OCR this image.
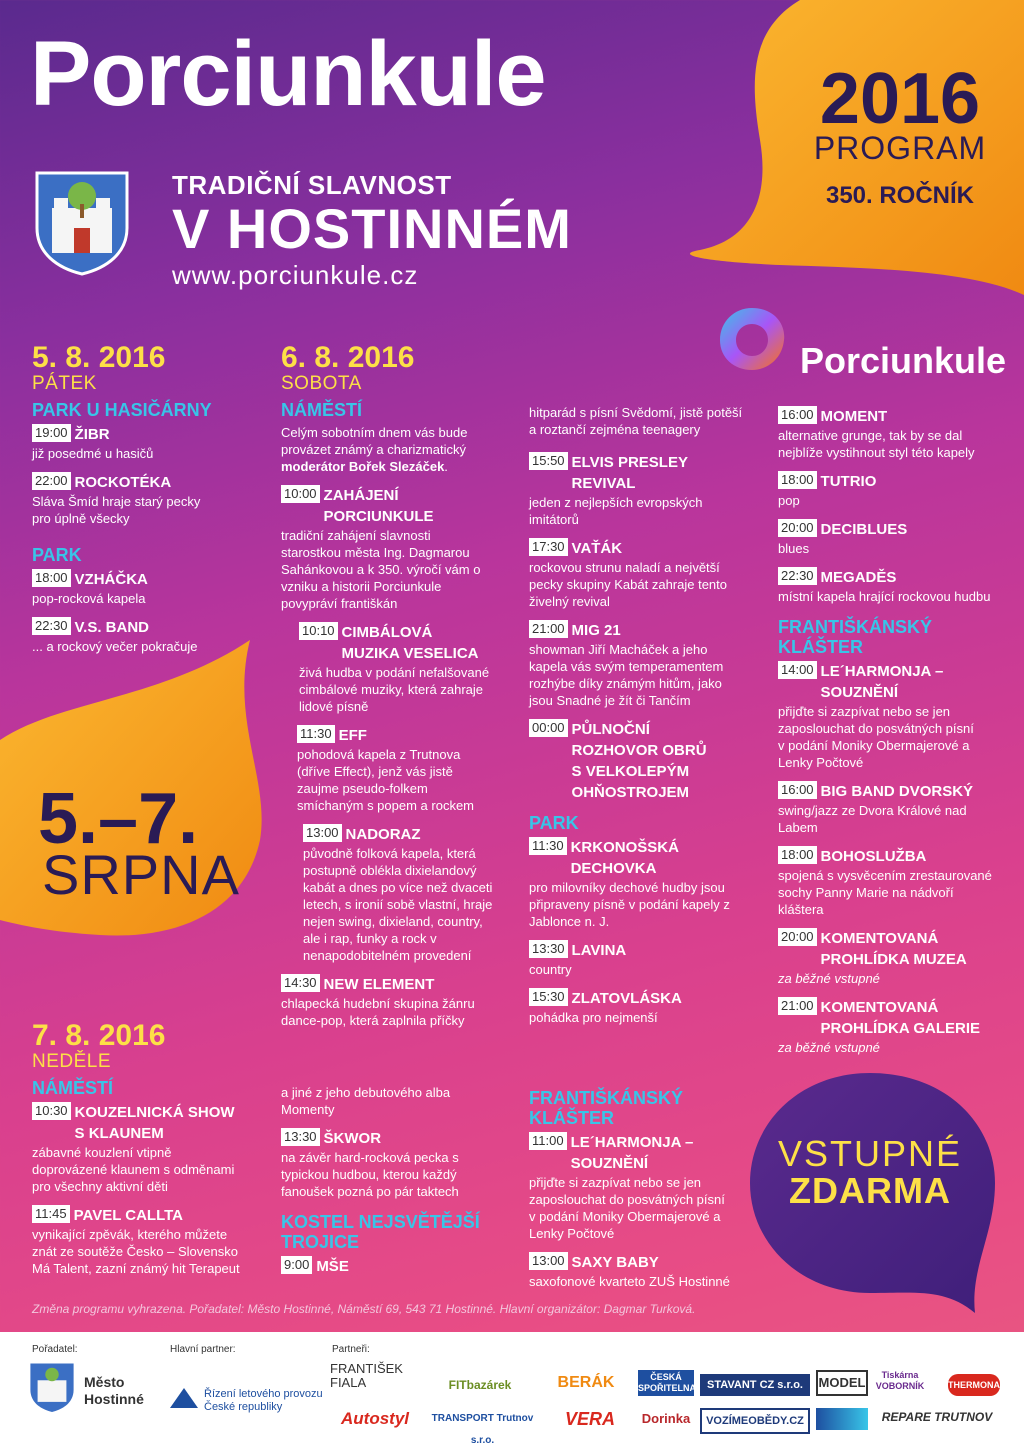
Porciunkule
TRADIČNÍ SLAVNOST
V HOSTINNÉM
www.porciunkule.cz
2016
PROGRAM
350. ROČNÍK
Porciunkule
5. 8. 2016
PÁTEK
PARK U HASIČÁRNY
19:00 ŽIBR
již posedmé u hasičů
22:00 ROCKOTÉKA
Sláva Šmíd hraje starý pecky pro úplně všecky
PARK
18:00 VZHÁČKA
pop-rocková kapela
22:30 V.S. BAND
... a rockový večer pokračuje
5.–7.
SRPNA
6. 8. 2016
SOBOTA
NÁMĚSTÍ
Celým sobotním dnem vás bude provázet známý a charizmatický moderátor Bořek Slezáček.
10:00 ZAHÁJENÍ PORCIUNKULE
tradiční zahájení slavnosti starostkou města Ing. Dagmarou Sahánkovou a k 350. výročí vám o vzniku a historii Porciunkule povypráví františkán
10:10 CIMBÁLOVÁ MUZIKA VESELICA
živá hudba v podání nefalšované cimbálové muziky, která zahraje lidové písně
11:30 EFF
pohodová kapela z Trutnova (dříve Effect), jenž vás jistě zaujme pseudo-folkem smíchaným s popem a rockem
13:00 NADORAZ
původně folková kapela, která postupně oblékla dixielandový kabát a dnes po více než dvaceti letech, s ironií sobě vlastní, hraje nejen swing, dixieland, country, ale i rap, funky a rock v nenapodobitelném provedení
14:30 NEW ELEMENT
chlapecká hudební skupina žánru dance-pop, která zaplnila příčky
hitparád s písní Svědomí, jistě potěší a roztančí zejména teenagery
15:50 ELVIS PRESLEY REVIVAL
jeden z nejlepších evropských imitátorů
17:30 VAŤÁK
rockovou strunu naladí a největší pecky skupiny Kabát zahraje tento živelný revival
21:00 MIG 21
showman Jiří Macháček a jeho kapela vás svým temperamentem rozhýbe díky známým hitům, jako jsou Snadné je žít či Tančím
00:00 PŮLNOČNÍ ROZHOVOR OBRŮ S VELKOLEPÝM OHŇOSTROJEM
PARK
11:30 KRKONOŠSKÁ DECHOVKA
pro milovníky dechové hudby jsou připraveny písně v podání kapely z Jablonce n. J.
13:30 LAVINA
country
15:30 ZLATOVLÁSKA
pohádka pro nejmenší
16:00 MOMENT
alternative grunge, tak by se dal nejblíže vystihnout styl této kapely
18:00 TUTRIO
pop
20:00 DECIBLUES
blues
22:30 MEGADĚS
místní kapela hrající rockovou hudbu
FRANTIŠKÁNSKÝ KLÁŠTER
14:00 LE´HARMONJA – SOUZNĚNÍ
přijďte si zazpívat nebo se jen zaposlouchat do posvátných písní v podání Moniky Obermajerové a Lenky Počtové
16:00 BIG BAND DVORSKÝ
swing/jazz ze Dvora Králové nad Labem
18:00 BOHOSLUŽBA
spojená s vysvěcením zrestaurované sochy Panny Marie na nádvoří kláštera
20:00 KOMENTOVANÁ PROHLÍDKA MUZEA
za běžné vstupné
21:00 KOMENTOVANÁ PROHLÍDKA GALERIE
za běžné vstupné
7. 8. 2016
NEDĚLE
NÁMĚSTÍ
10:30 KOUZELNICKÁ SHOW S KLAUNEM
zábavné kouzlení vtipně doprovázené klaunem s odměnami pro všechny aktivní děti
11:45 PAVEL CALLTA
vynikající zpěvák, kterého můžete znát ze soutěže Česko – Slovensko Má Talent, zazní známý hit Terapeut
a jiné z jeho debutového alba Momenty
13:30 ŠKWOR
na závěr hard-rocková pecka s typickou hudbou, kterou každý fanoušek pozná po pár taktech
KOSTEL NEJSVĚTĚJŠÍ TROJICE
9:00 MŠE
FRANTIŠKÁNSKÝ KLÁŠTER
11:00 LE´HARMONJA – SOUZNĚNÍ
přijďte si zazpívat nebo se jen zaposlouchat do posvátných písní v podání Moniky Obermajerové a Lenky Počtové
13:00 SAXY BABY
saxofonové kvarteto ZUŠ Hostinné
VSTUPNÉ
ZDARMA
Změna programu vyhrazena. Pořadatel: Město Hostinné, Náměstí 69, 543 71 Hostinné. Hlavní organizátor: Dagmar Turková.
Pořadatel:
Město
Hostinné
Hlavní partner:
Řízení letového provozu
České republiky
Partneři:
FRANTIŠEK FIALA	FITbazárek	BERÁK	ČESKÁ SPOŘITELNA	STAVANT CZ s.r.o.	MODEL	Tiskárna VOBORNÍK	THERMONA
Autostyl	TRANSPORT Trutnov s.r.o.
VERA	Dorinka	VOZÍMEOBĚDY.CZ	REPARE TRUTNOV
